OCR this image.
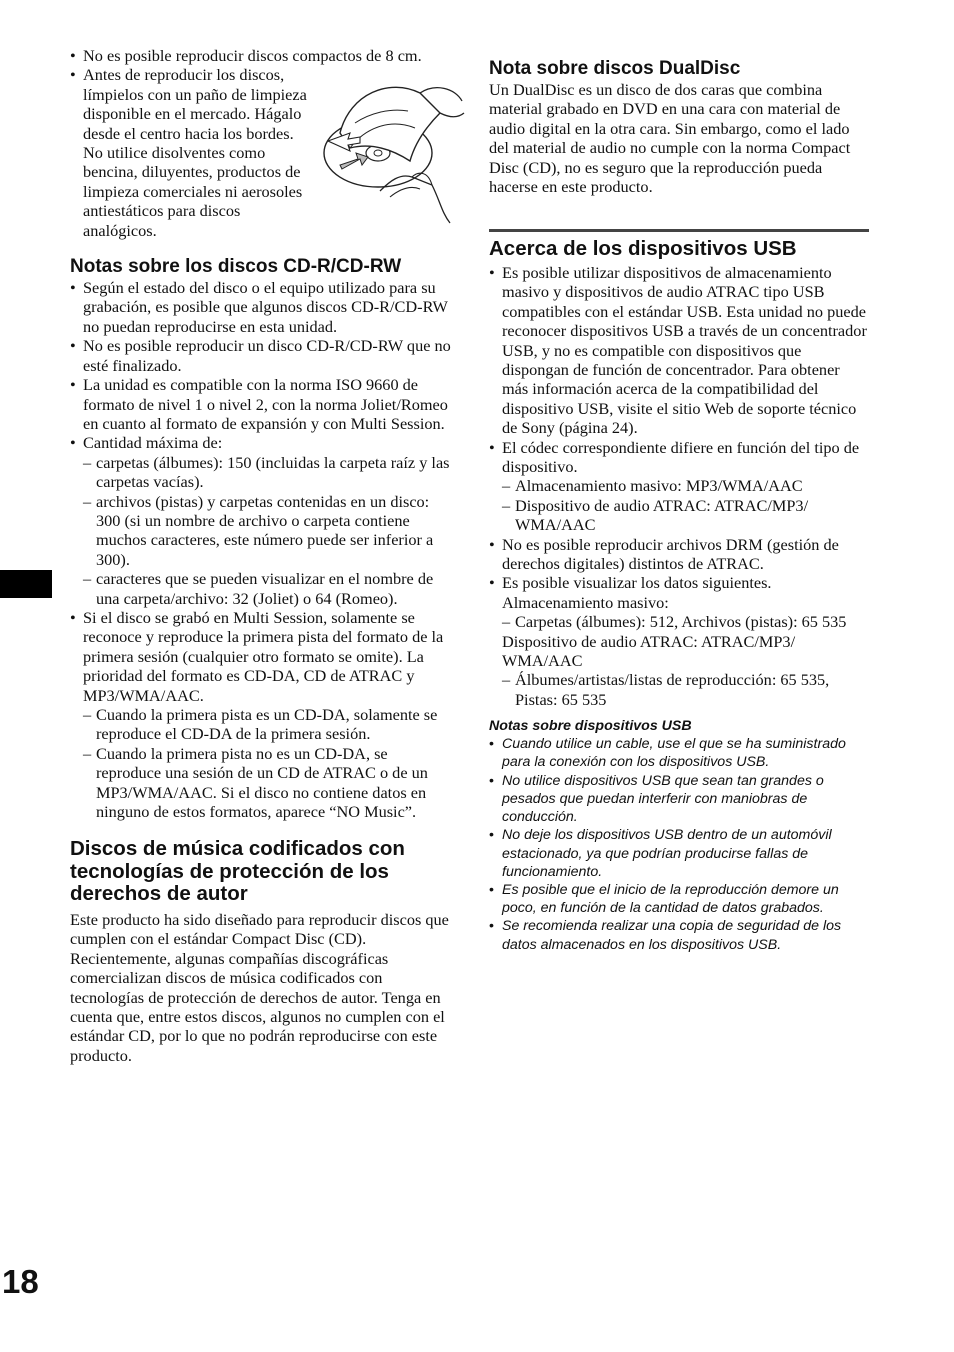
• No es posible reproducir discos compactos de 8 cm.
• Antes de reproducir los discos, límpielos con un paño de limpieza disponible en el mercado. Hágalo desde el centro hacia los bordes. No utilice disolventes como bencina, diluyentes, productos de limpieza comerciales ni aerosoles antiestáticos para discos analógicos.
Notas sobre los discos CD-R/CD-RW
• Según el estado del disco o el equipo utilizado para su grabación, es posible que algunos discos CD-R/CD-RW no puedan reproducirse en esta unidad.
• No es posible reproducir un disco CD-R/CD-RW que no esté finalizado.
• La unidad es compatible con la norma ISO 9660 de formato de nivel 1 o nivel 2, con la norma Joliet/Romeo en cuanto al formato de expansión y con Multi Session.
• Cantidad máxima de:
– carpetas (álbumes): 150 (incluidas la carpeta raíz y las carpetas vacías).
– archivos (pistas) y carpetas contenidas en un disco: 300 (si un nombre de archivo o carpeta contiene muchos caracteres, este número puede ser inferior a 300).
– caracteres que se pueden visualizar en el nombre de una carpeta/archivo: 32 (Joliet) o 64 (Romeo).
• Si el disco se grabó en Multi Session, solamente se reconoce y reproduce la primera pista del formato de la primera sesión (cualquier otro formato se omite). La prioridad del formato es CD-DA, CD de ATRAC y MP3/WMA/AAC.
– Cuando la primera pista es un CD-DA, solamente se reproduce el CD-DA de la primera sesión.
– Cuando la primera pista no es un CD-DA, se reproduce una sesión de un CD de ATRAC o de un MP3/WMA/AAC. Si el disco no contiene datos en ninguno de estos formatos, aparece “NO Music”.
Discos de música codificados con tecnologías de protección de los derechos de autor

Este producto ha sido diseñado para reproducir discos que cumplen con el estándar Compact Disc (CD).

Recientemente, algunas compañías discográficas comercializan discos de música codificados con tecnologías de protección de derechos de autor. Tenga en cuenta que, entre estos discos, algunos no cumplen con el estándar CD, por lo que no podrán reproducirse con este producto.

Nota sobre discos DualDisc

Un DualDisc es un disco de dos caras que combina material grabado en DVD en una cara con material de audio digital en la otra cara. Sin embargo, como el lado del material de audio no cumple con la norma Compact Disc (CD), no es seguro que la reproducción pueda hacerse en este producto.

Acerca de los dispositivos USB
• Es posible utilizar dispositivos de almacenamiento masivo y dispositivos de audio ATRAC tipo USB compatibles con el estándar USB. Esta unidad no puede reconocer dispositivos USB a través de un concentrador USB, y no es compatible con dispositivos que dispongan de función de concentrador. Para obtener más información acerca de la compatibilidad del dispositivo USB, visite el sitio Web de soporte técnico de Sony (página 24).
• El códec correspondiente difiere en función del tipo de dispositivo.
– Almacenamiento masivo: MP3/WMA/AAC
– Dispositivo de audio ATRAC: ATRAC/MP3/ WMA/AAC
• No es posible reproducir archivos DRM (gestión de derechos digitales) distintos de ATRAC.
• Es posible visualizar los datos siguientes.
Almacenamiento masivo:
– Carpetas (álbumes): 512, Archivos (pistas): 65 535
Dispositivo de audio ATRAC: ATRAC/MP3/ WMA/AAC
– Álbumes/artistas/listas de reproducción: 65 535, Pistas: 65 535
Notas sobre dispositivos USB
• Cuando utilice un cable, use el que se ha suministrado para la conexión con los dispositivos USB.
• No utilice dispositivos USB que sean tan grandes o pesados que puedan interferir con maniobras de conducción.
• No deje los dispositivos USB dentro de un automóvil estacionado, ya que podrían producirse fallas de funcionamiento.
• Es posible que el inicio de la reproducción demore un poco, en función de la cantidad de datos grabados.
• Se recomienda realizar una copia de seguridad de los datos almacenados en los dispositivos USB.
18
